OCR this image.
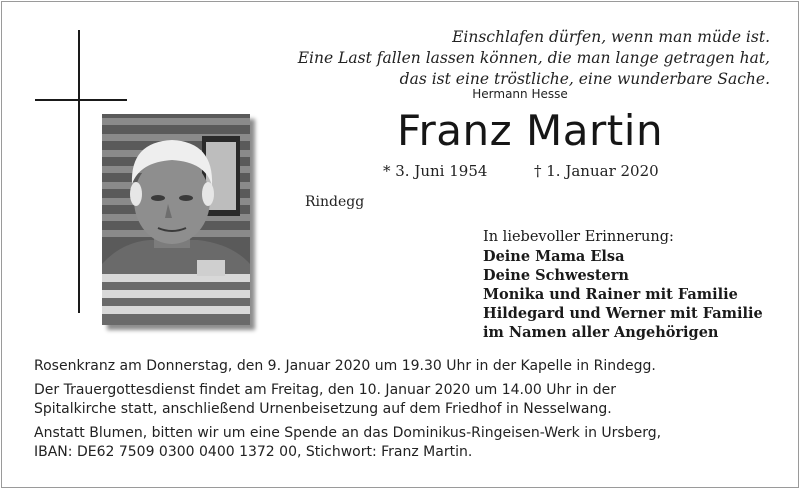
Einschlafen dürfen, wenn man müde ist.
Eine Last fallen lassen können, die man lange getragen hat,
das ist eine tröstliche, eine wunderbare Sache.
Hermann Hesse
Franz Martin
* 3. Juni 1954	† 1. Januar 2020
Rindegg
In liebevoller Erinnerung:
Deine Mama Elsa
Deine Schwestern
Monika und Rainer mit Familie
Hildegard und Werner mit Familie
im Namen aller Angehörigen
Rosenkranz am Donnerstag, den 9. Januar 2020 um 19.30 Uhr in der Kapelle in Rindegg.
Der Trauergottesdienst findet am Freitag, den 10. Januar 2020 um 14.00 Uhr in der
Spitalkirche statt, anschließend Urnenbeisetzung auf dem Friedhof in Nesselwang.
Anstatt Blumen, bitten wir um eine Spende an das Dominikus-Ringeisen-Werk in Ursberg,
IBAN: DE62 7509 0300 0400 1372 00, Stichwort: Franz Martin.
